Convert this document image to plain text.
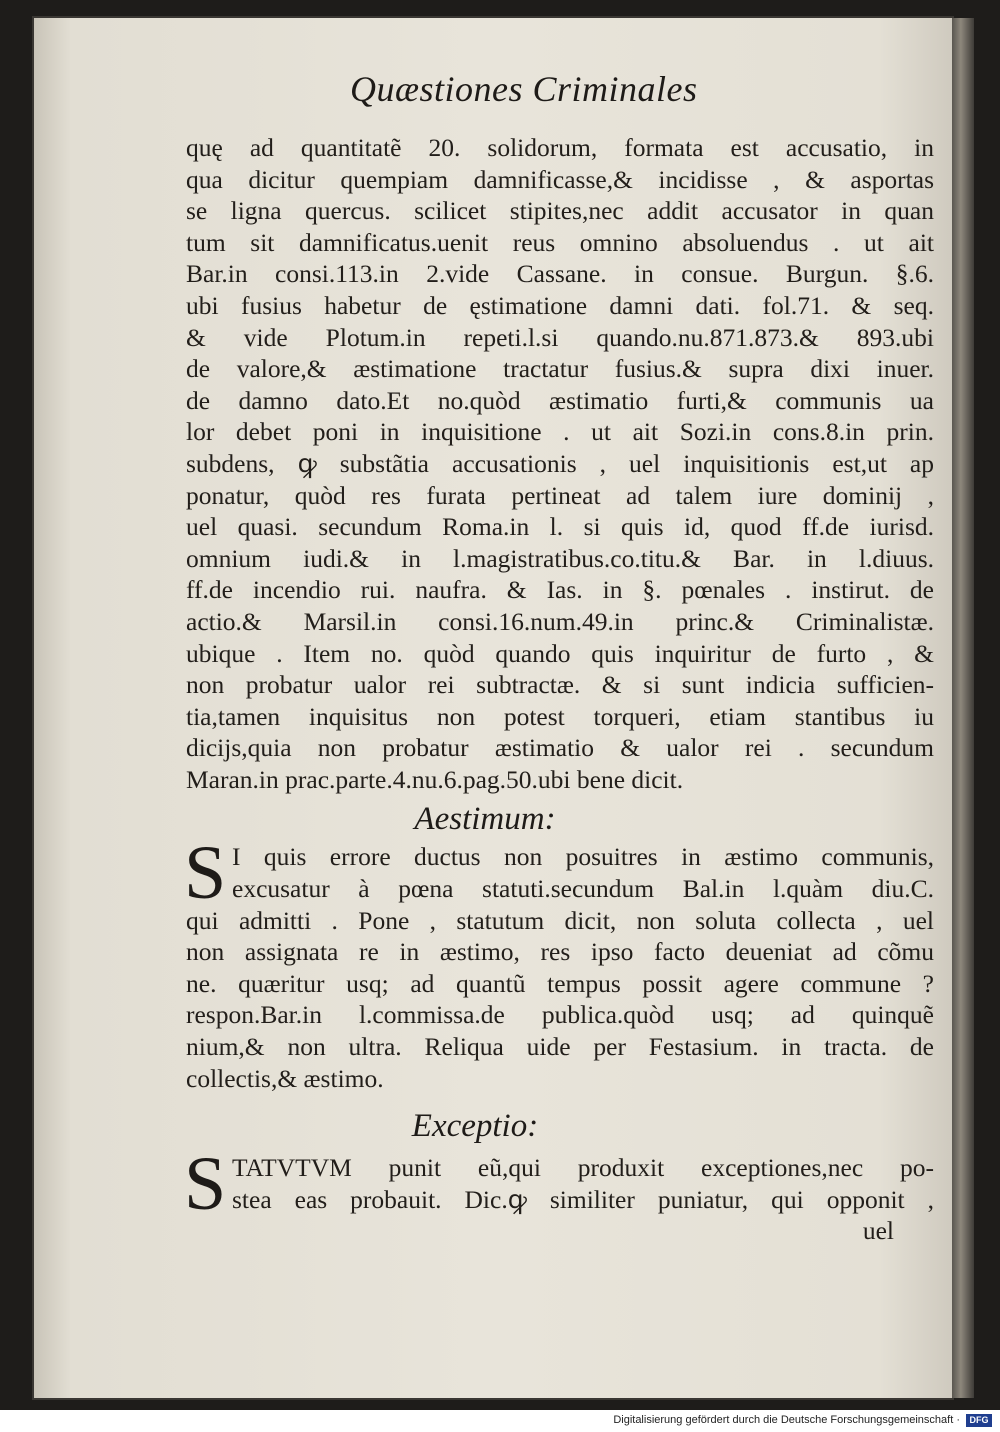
Quæstiones Criminales
quę ad quantitatẽ 20. solidorum, formata est accusatio, in
qua dicitur quempiam damnificasse,& incidisse , & asportas
se ligna quercus. scilicet stipites,nec addit accusator in quan
tum sit damnificatus.uenit reus omnino absoluendus . ut ait
Bar.in consi.113.in 2.vide Cassane. in consue. Burgun. §.6.
ubi fusius habetur de ęstimatione damni dati. fol.71. & seq.
& vide Plotum.in repeti.l.si quando.nu.871.873.& 893.ubi
de valore,& æstimatione tractatur fusius.& supra dixi inuer.
de damno dato.Et no.quòd æstimatio furti,& communis ua
lor debet poni in inquisitione . ut ait Sozi.in cons.8.in prin.
subdens, ꝙ substãtia accusationis , uel inquisitionis est,ut ap
ponatur, quòd res furata pertineat ad talem iure dominij ,
uel quasi. secundum Roma.in l. si quis id, quod ff.de iurisd.
omnium iudi.& in l.magistratibus.co.titu.& Bar. in l.diuus.
ff.de incendio rui. naufra. & Ias. in §. pœnales . instirut. de
actio.& Marsil.in consi.16.num.49.in princ.& Criminalistæ.
ubique . Item no. quòd quando quis inquiritur de furto , &
non probatur ualor rei subtractæ. & si sunt indicia sufficien-
tia,tamen inquisitus non potest torqueri, etiam stantibus iu
dicijs,quia non probatur æstimatio & ualor rei . secundum
Maran.in prac.parte.4.nu.6.pag.50.ubi bene dicit.
Aestimum:
S I quis errore ductus non posuitres in æstimo communis,
excusatur à pœna statuti.secundum Bal.in l.quàm diu.C.
qui admitti . Pone , statutum dicit, non soluta collecta , uel
non assignata re in æstimo, res ipso facto deueniat ad cõmu
ne. quæritur usq; ad quantũ tempus possit agere commune ?
respon.Bar.in l.commissa.de publica.quòd usq; ad quinquẽ
nium,& non ultra. Reliqua uide per Festasium. in tracta. de
collectis,& æstimo.
Exceptio:
S TATVTVM punit eũ,qui produxit exceptiones,nec po-
stea eas probauit. Dic.ꝙ similiter puniatur, qui opponit ,
uel
Digitalisierung gefördert durch die Deutsche Forschungsgemeinschaft ·	DFG
